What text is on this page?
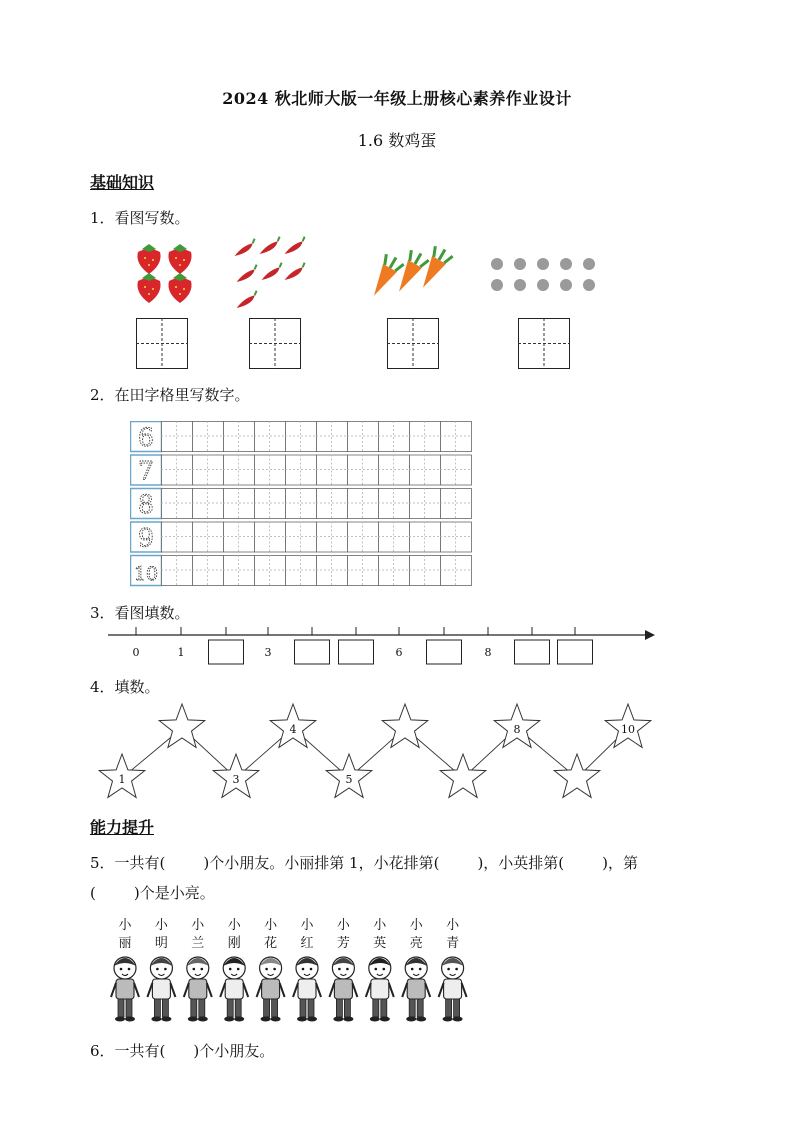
2024 秋北师大版一年级上册核心素养作业设计
1.6 数鸡蛋
基础知识
1．看图写数。
2．在田字格里写数字。
6
7
8
9
10
3．看图填数。
0	1	3	6	8
4．填数。
1	3
4
5
8	10
能力提升
5．一共有(	)个小朋友。小丽排第 1，小花排第(	)，小英排第(	)，第
(	)个是小亮。
小
丽
小
明
小
兰
小
刚
小
花
小
红
小
芳
小
英
小
亮
小
青
6．一共有( )个小朋友。
